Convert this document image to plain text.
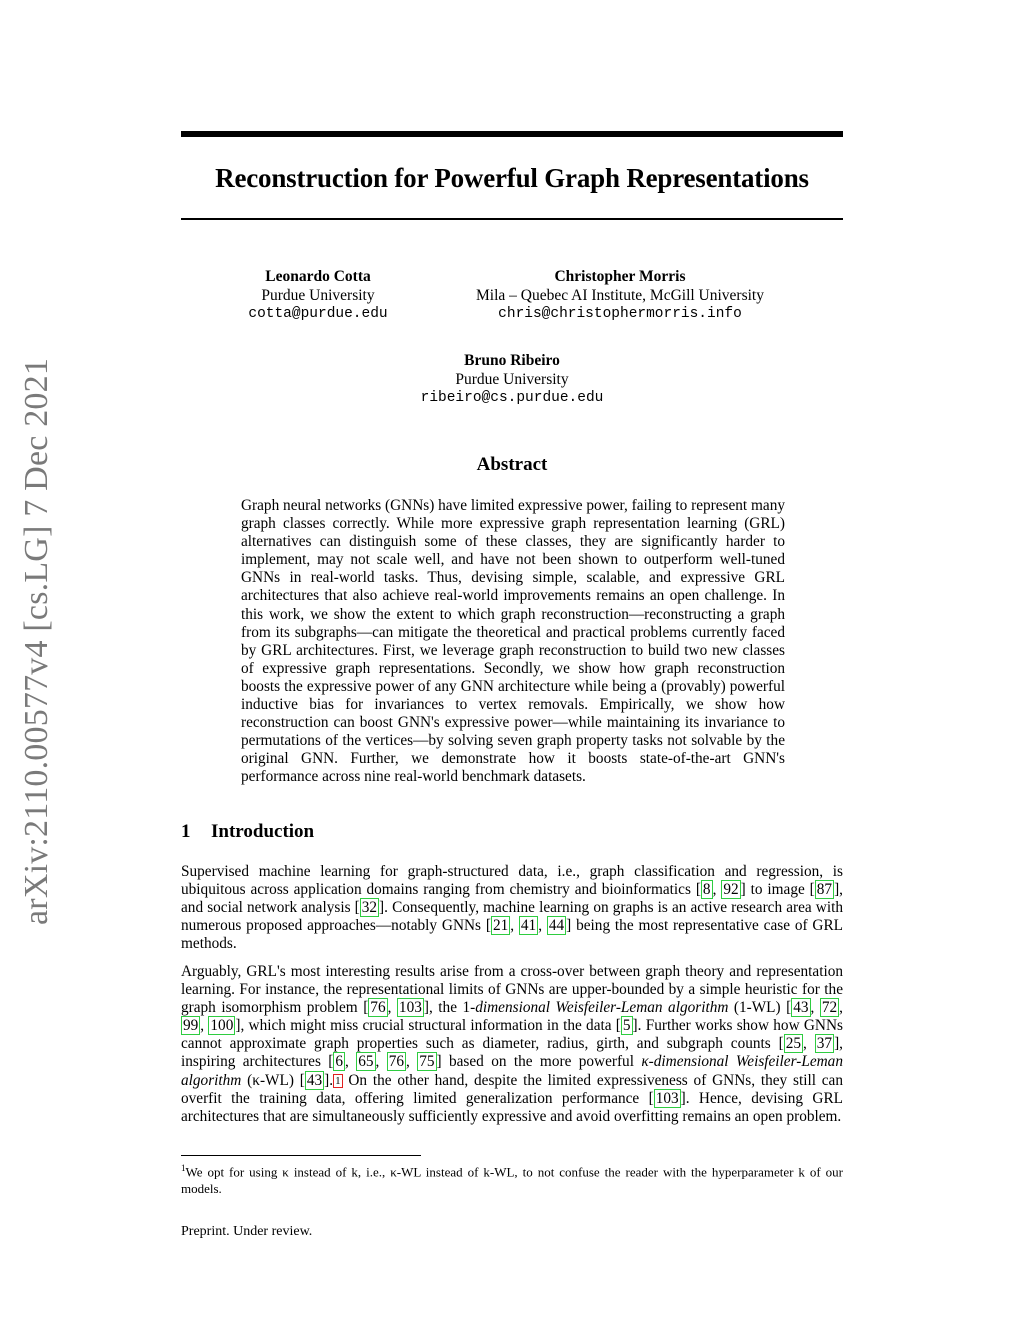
arXiv:2110.00577v4 [cs.LG] 7 Dec 2021
Reconstruction for Powerful Graph Representations
Leonardo Cotta
Purdue University
cotta@purdue.edu
Christopher Morris
Mila – Quebec AI Institute, McGill University
chris@christophermorris.info
Bruno Ribeiro
Purdue University
ribeiro@cs.purdue.edu
Abstract
Graph neural networks (GNNs) have limited expressive power, failing to represent many graph classes correctly. While more expressive graph representation learning (GRL) alternatives can distinguish some of these classes, they are significantly harder to implement, may not scale well, and have not been shown to outperform well-tuned GNNs in real-world tasks. Thus, devising simple, scalable, and expressive GRL architectures that also achieve real-world improvements remains an open challenge. In this work, we show the extent to which graph reconstruction—reconstructing a graph from its subgraphs—can mitigate the theoretical and practical problems currently faced by GRL architectures. First, we leverage graph reconstruction to build two new classes of expressive graph representations. Secondly, we show how graph reconstruction boosts the expressive power of any GNN architecture while being a (provably) powerful inductive bias for invariances to vertex removals. Empirically, we show how reconstruction can boost GNN's expressive power—while maintaining its invariance to permutations of the vertices—by solving seven graph property tasks not solvable by the original GNN. Further, we demonstrate how it boosts state-of-the-art GNN's performance across nine real-world benchmark datasets.
1 Introduction
Supervised machine learning for graph-structured data, i.e., graph classification and regression, is ubiquitous across application domains ranging from chemistry and bioinformatics [ 8 , 92 ] to image [ 87 ], and social network analysis [ 32 ]. Consequently, machine learning on graphs is an active research area with numerous proposed approaches—notably GNNs [ 21 , 41 , 44 ] being the most representative case of GRL methods.
Arguably, GRL's most interesting results arise from a cross-over between graph theory and representation learning. For instance, the representational limits of GNNs are upper-bounded by a simple heuristic for the graph isomorphism problem [ 76 , 103 ], the 1-dimensional Weisfeiler-Leman algorithm (1-WL) [ 43 , 72 , 99 , 100 ], which might miss crucial structural information in the data [ 5 ]. Further works show how GNNs cannot approximate graph properties such as diameter, radius, girth, and subgraph counts [ 25 , 37 ], inspiring architectures [ 6 , 65 , 76 , 75 ] based on the more powerful κ-dimensional Weisfeiler-Leman algorithm (κ-WL) [ 43 ]. $^1$ On the other hand, despite the limited expressiveness of GNNs, they still can overfit the training data, offering limited generalization performance [ 103 ]. Hence, devising GRL architectures that are simultaneously sufficiently expressive and avoid overfitting remains an open problem.
$^1$We opt for using κ instead of k, i.e., κ-WL instead of k-WL, to not confuse the reader with the hyperparameter k of our models.
Preprint. Under review.
